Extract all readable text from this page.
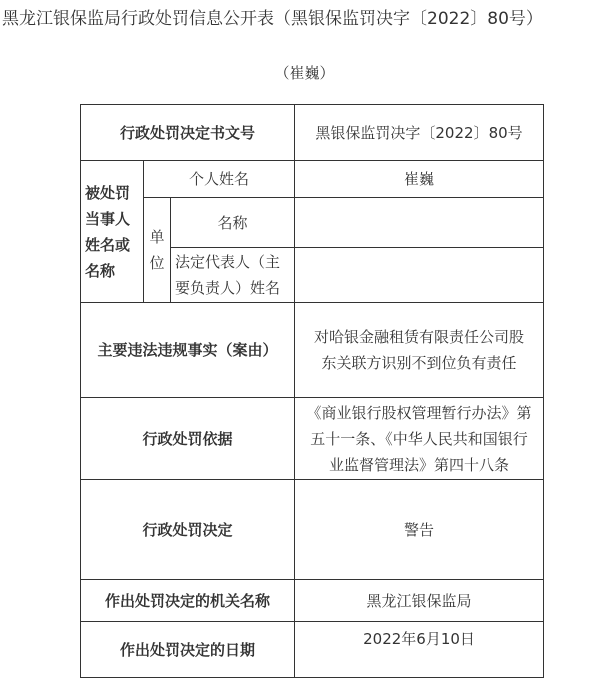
黑龙江银保监局行政处罚信息公开表（黑银保监罚决字〔2022〕80号）
（崔巍）
行政处罚决定书文号			黑银保监罚决字〔2022〕80号
被处罚当事人姓名或名称	个人姓名		崔巍
	单位	名称	
		法定代表人（主要负责人）姓名	
主要违法违规事实（案由）			对哈银金融租赁有限责任公司股东关联方识别不到位负有责任
行政处罚依据			《商业银行股权管理暂行办法》第五十一条、《中华人民共和国银行业监督管理法》第四十八条
行政处罚决定			警告
作出处罚决定的机关名称			黑龙江银保监局
作出处罚决定的日期			2022年6月10日
